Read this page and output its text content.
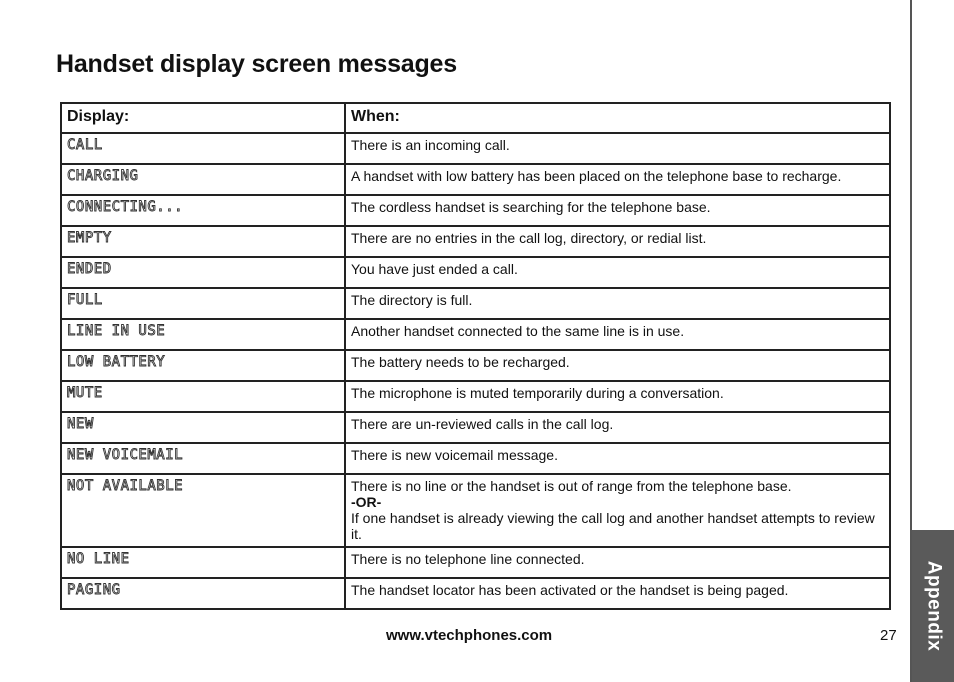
Appendix
Handset display screen messages
Display:	When:
CALL	There is an incoming call.
CHARGING	A handset with low battery has been placed on the telephone base to recharge.
CONNECTING...	The cordless handset is searching for the telephone base.
EMPTY	There are no entries in the call log, directory, or redial list.
ENDED	You have just ended a call.
FULL	The directory is full.
LINE IN USE	Another handset connected to the same line is in use.
LOW BATTERY	The battery needs to be recharged.
MUTE	The microphone is muted temporarily during a conversation.
NEW	There are un-reviewed calls in the call log.
NEW VOICEMAIL	There is new voicemail message.
NOT AVAILABLE	There is no line or the handset is out of range from the telephone base.
-OR-
If one handset is already viewing the call log and another handset attempts to review it.

NO LINE	There is no telephone line connected.
PAGING	The handset locator has been activated or the handset is being paged.
www.vtechphones.com	27
